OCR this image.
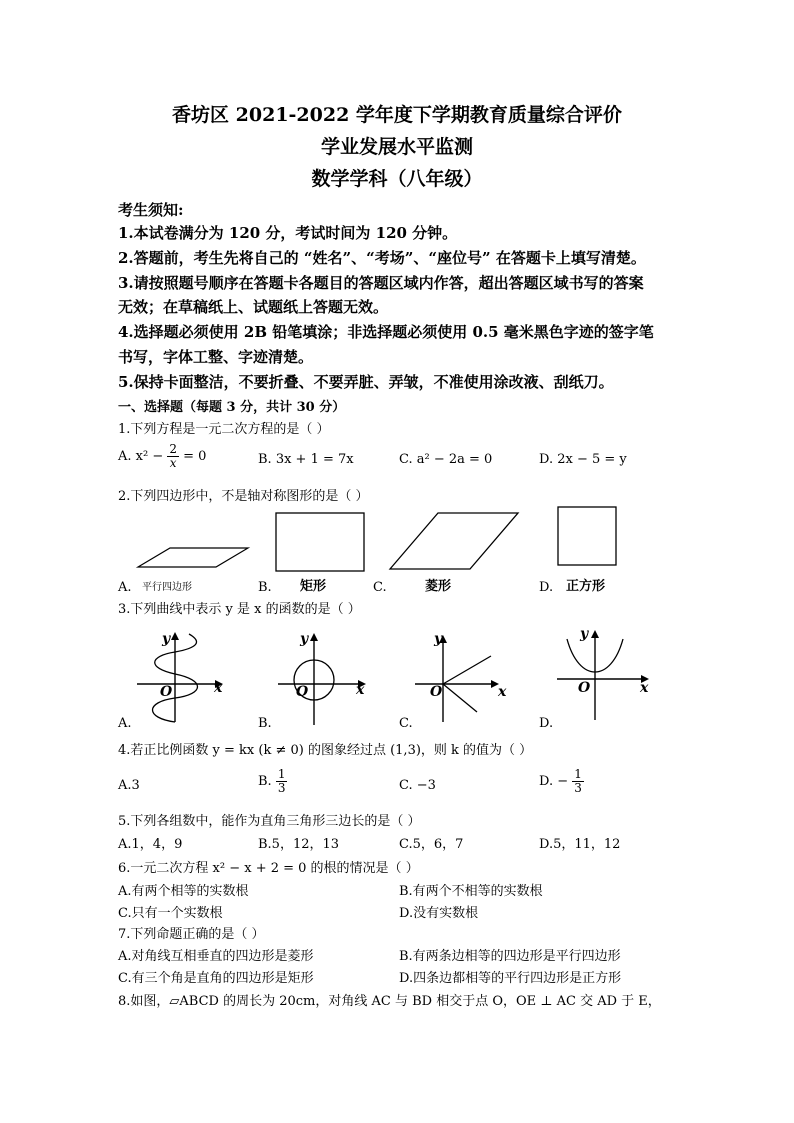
香坊区 2021-2022 学年度下学期教育质量综合评价
学业发展水平监测
数学学科（八年级）
考生须知:
1.本试卷满分为 120 分，考试时间为 120 分钟。
2.答题前，考生先将自己的 “姓名”、“考场”、“座位号” 在答题卡上填写清楚。
3.请按照题号顺序在答题卡各题目的答题区域内作答，超出答题区域书写的答案
无效；在草稿纸上、试题纸上答题无效。
4.选择题必须使用 2B 铅笔填涂；非选择题必须使用 0.5 毫米黑色字迹的签字笔
书写，字体工整、字迹清楚。
5.保持卡面整洁，不要折叠、不要弄脏、弄皱，不准使用涂改液、刮纸刀。
一、选择题（每题 3 分，共计 30 分）
1.下列方程是一元二次方程的是（ ）
A. $x^2 - \frac{2}{x} = 0$	B. 3x + 1 = 7x	C. a² − 2a = 0	D. 2x − 5 = y
2.下列四边形中，不是轴对称图形的是（ ）
A. 平行四边形	B. 矩形	C.	菱形	D. 正方形
3.下列曲线中表示 y 是 x 的函数的是（ ）
y
x
O
y
x
O
y
x
O
y
x
O
A.	B.	C.	D.
4.若正比例函数 y = kx (k ≠ 0) 的图象经过点 (1,3)，则 k 的值为（ ）
A.3	B. $\frac{1}{3}$	C. −3	D. − $\frac{1}{3}$
5.下列各组数中，能作为直角三角形三边长的是（ ）
A.1，4，9	B.5，12，13	C.5，6，7	D.5，11，12
6.一元二次方程 x² − x + 2 = 0 的根的情况是（ ）
A.有两个相等的实数根	B.有两个不相等的实数根
C.只有一个实数根	D.没有实数根
7.下列命题正确的是（ ）
A.对角线互相垂直的四边形是菱形	B.有两条边相等的四边形是平行四边形
C.有三个角是直角的四边形是矩形	D.四条边都相等的平行四边形是正方形
8.如图，▱ABCD 的周长为 20cm，对角线 AC 与 BD 相交于点 O，OE ⊥ AC 交 AD 于 E，
